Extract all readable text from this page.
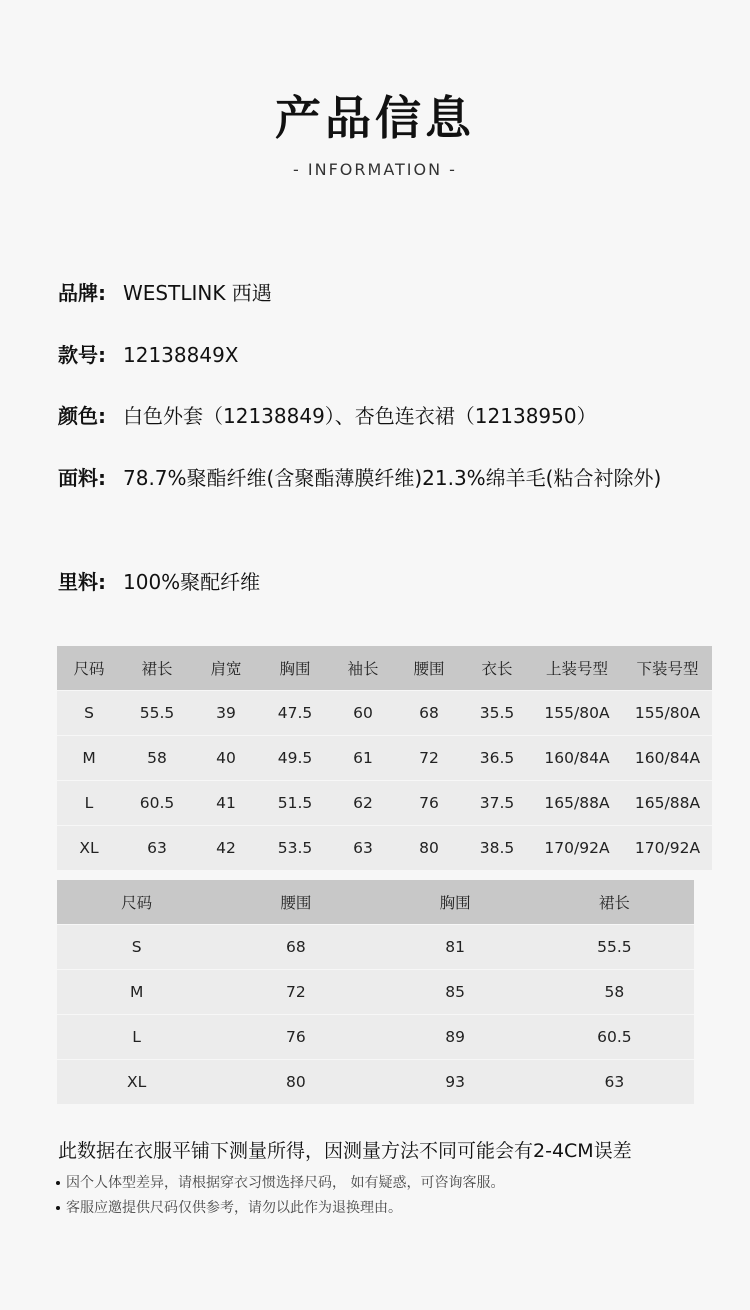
产品信息
- INFORMATION -
品牌: WESTLINK 西遇
款号: 12138849X
颜色: 白色外套（12138849）、杏色连衣裙（12138950）
面料: 78.7%聚酯纤维(含聚酯薄膜纤维)21.3%绵羊毛(粘合衬除外)
里料: 100%聚配纤维
尺码	裙长	肩宽	胸围	袖长	腰围	衣长	上装号型	下装号型
S	55.5	39	47.5	60	68	35.5	155/80A	155/80A
M	58	40	49.5	61	72	36.5	160/84A	160/84A
L	60.5	41	51.5	62	76	37.5	165/88A	165/88A
XL	63	42	53.5	63	80	38.5	170/92A	170/92A
尺码	腰围	胸围	裙长
S	68	81	55.5
M	72	85	58
L	76	89	60.5
XL	80	93	63
此数据在衣服平铺下测量所得，因测量方法不同可能会有2-4CM误差
因个人体型差异，请根据穿衣习惯选择尺码， 如有疑惑，可咨询客服。
客服应邀提供尺码仅供参考，请勿以此作为退换理由。
